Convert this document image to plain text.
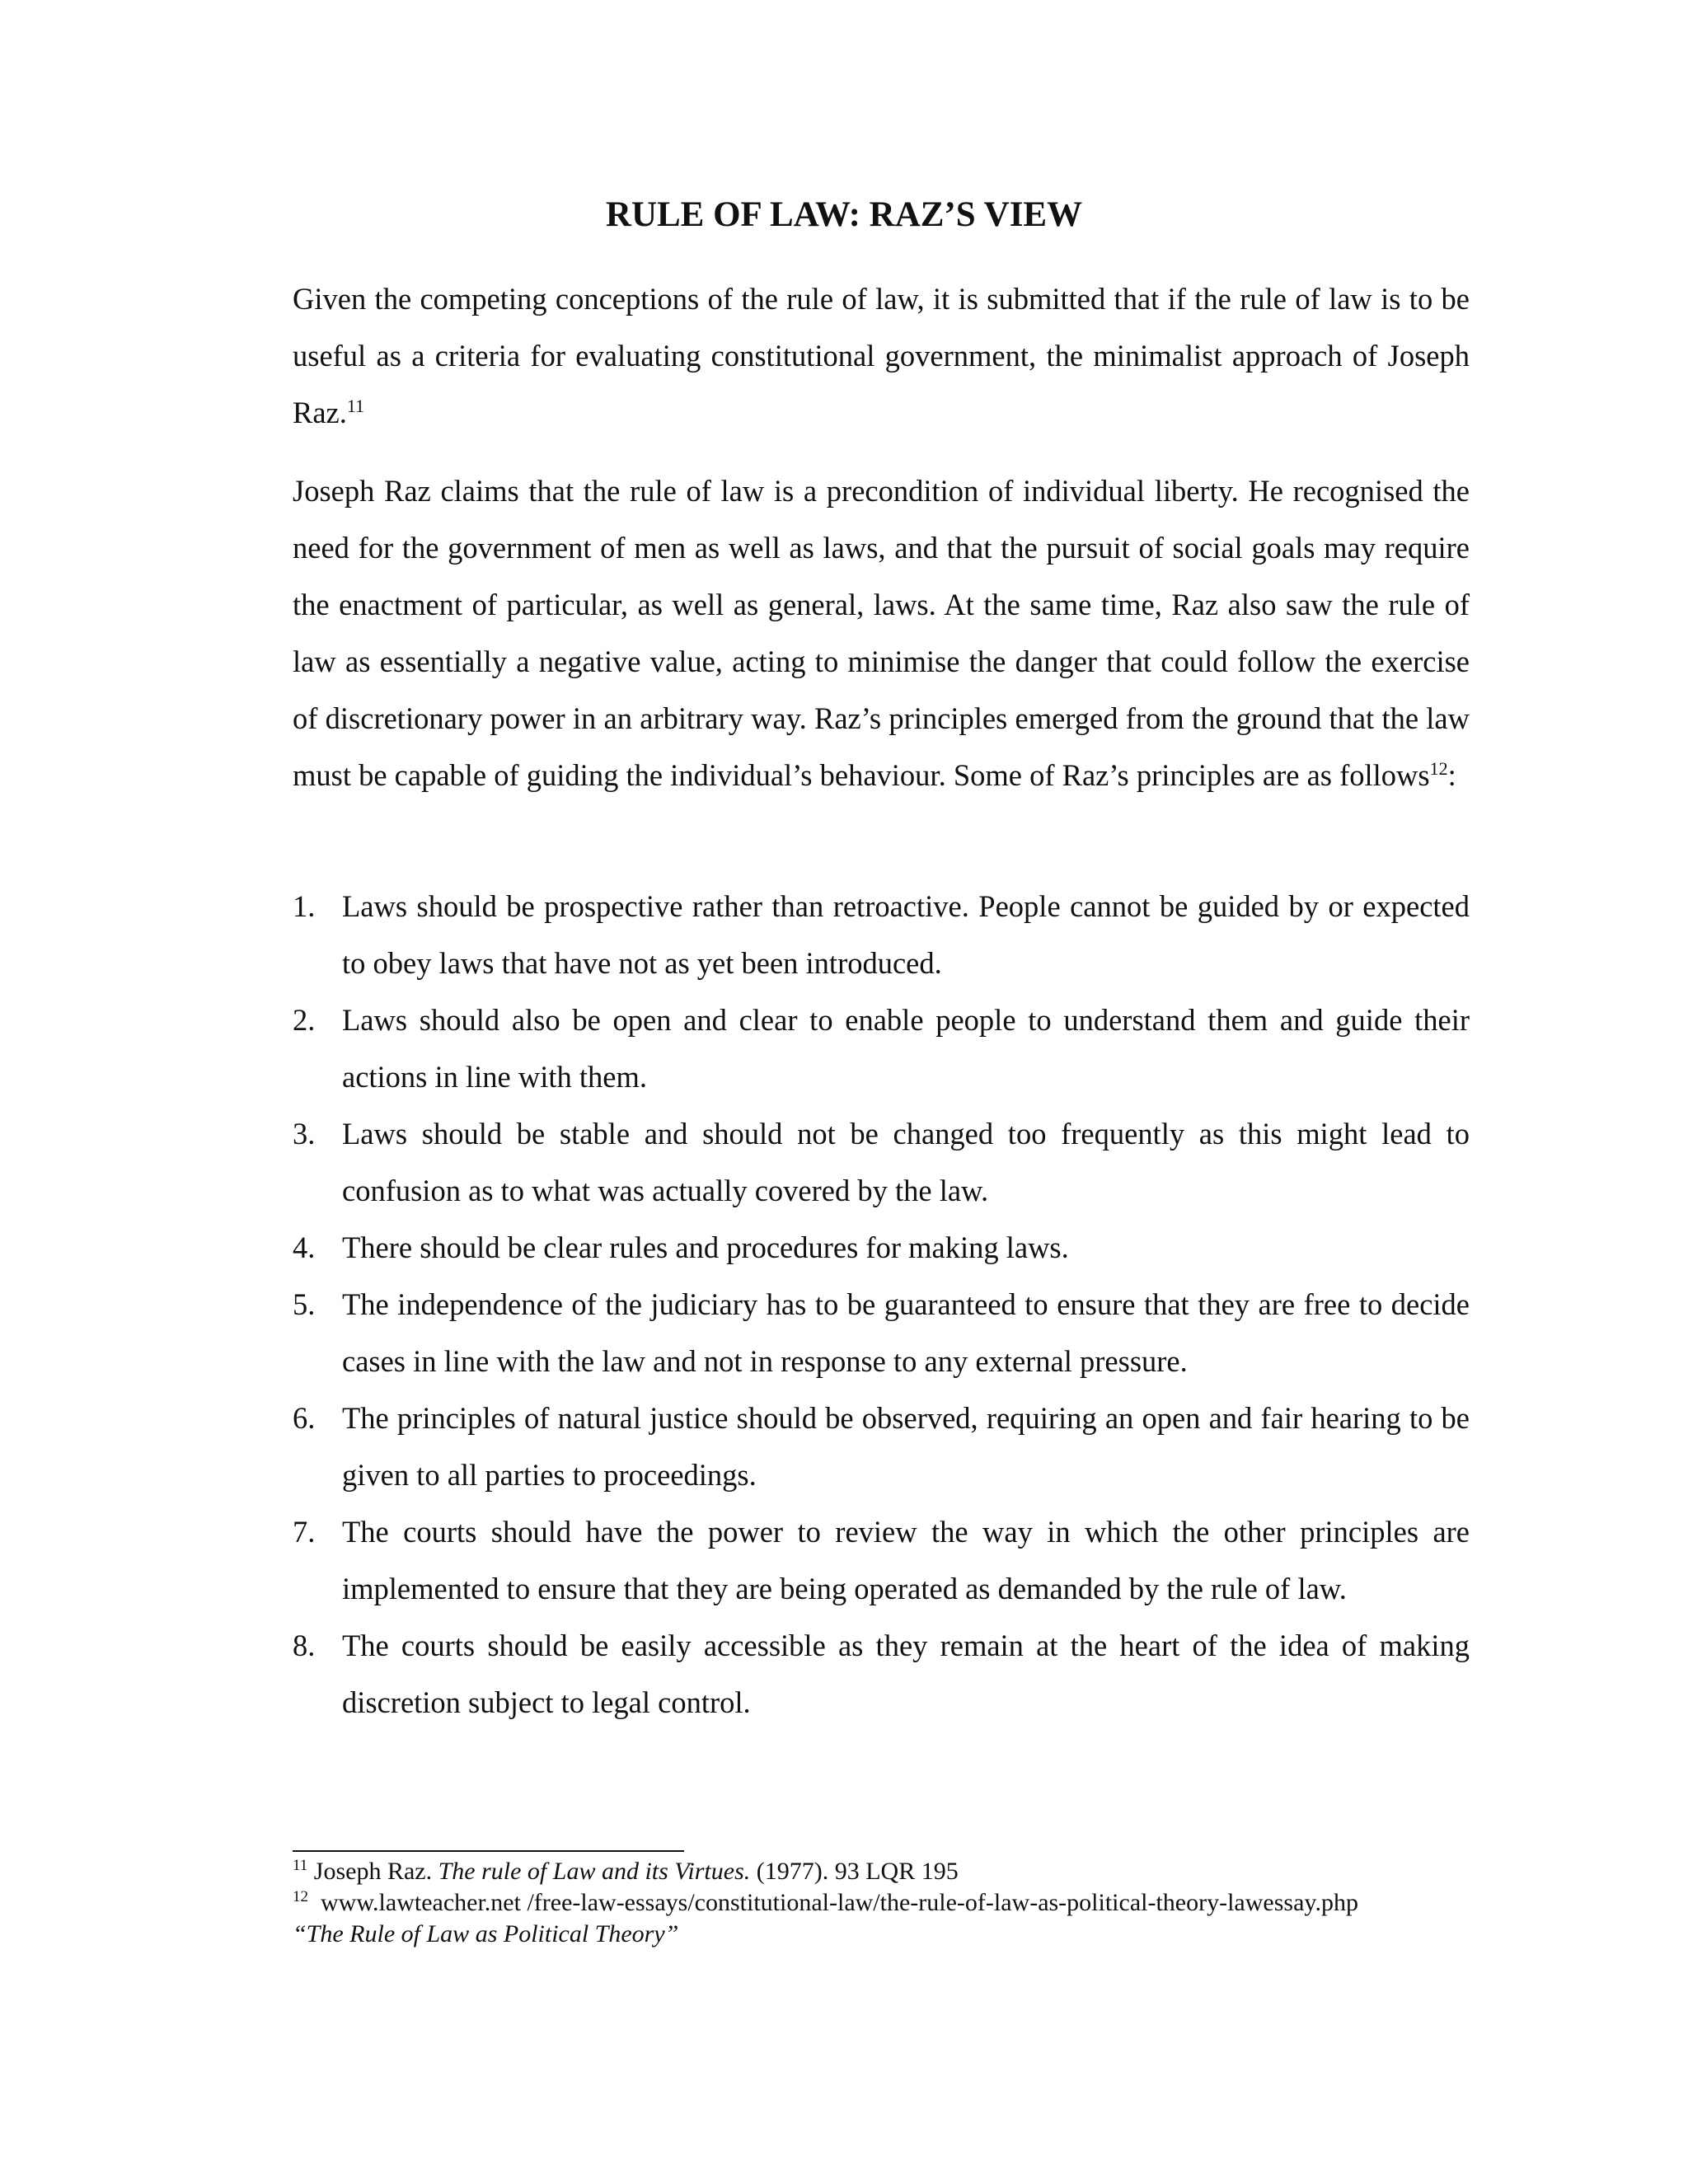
RULE OF LAW: RAZ’S VIEW

Given the competing conceptions of the rule of law, it is submitted that if the rule of law is to be useful as a criteria for evaluating constitutional government, the minimalist approach of Joseph Raz.$^{11}$

Joseph Raz claims that the rule of law is a precondition of individual liberty. He recognised the need for the government of men as well as laws, and that the pursuit of social goals may require the enactment of particular, as well as general, laws. At the same time, Raz also saw the rule of law as essentially a negative value, acting to minimise the danger that could follow the exercise of discretionary power in an arbitrary way. Raz’s principles emerged from the ground that the law must be capable of guiding the individual’s behaviour. Some of Raz’s principles are as follows$^{12}$:

1. Laws should be prospective rather than retroactive. People cannot be guided by or expected to obey laws that have not as yet been introduced.
2. Laws should also be open and clear to enable people to understand them and guide their actions in line with them.
3. Laws should be stable and should not be changed too frequently as this might lead to confusion as to what was actually covered by the law.
4. There should be clear rules and procedures for making laws.
5. The independence of the judiciary has to be guaranteed to ensure that they are free to decide cases in line with the law and not in response to any external pressure.
6. The principles of natural justice should be observed, requiring an open and fair hearing to be given to all parties to proceedings.
7. The courts should have the power to review the way in which the other principles are implemented to ensure that they are being operated as demanded by the rule of law.
8. The courts should be easily accessible as they remain at the heart of the idea of making discretion subject to legal control.

$^{11}$ Joseph Raz. The rule of Law and its Virtues. (1977). 93 LQR 195

$^{12}$  www.lawteacher.net /free-law-essays/constitutional-law/the-rule-of-law-as-political-theory-lawessay.php

“The Rule of Law as Political Theory”
